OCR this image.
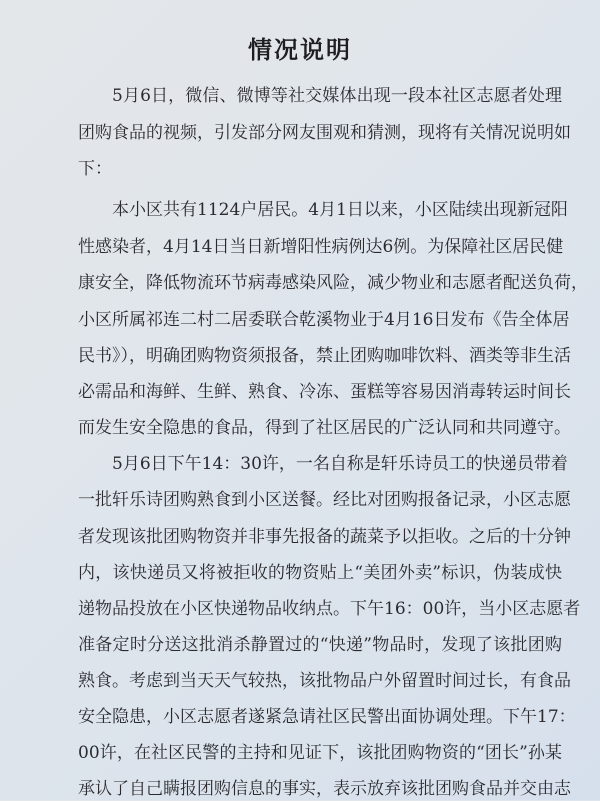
情况说明
5月6日，微信、微博等社交媒体出现一段本社区志愿者处理
团购食品的视频，引发部分网友围观和猜测，现将有关情况说明如
下：
本小区共有1124户居民。4月1日以来，小区陆续出现新冠阳
性感染者，4月14日当日新增阳性病例达6例。为保障社区居民健
康安全，降低物流环节病毒感染风险，减少物业和志愿者配送负荷，
小区所属祁连二村二居委联合乾溪物业于4月16日发布《告全体居
民书》），明确团购物资须报备，禁止团购咖啡饮料、酒类等非生活
必需品和海鲜、生鲜、熟食、冷冻、蛋糕等容易因消毒转运时间长
而发生安全隐患的食品，得到了社区居民的广泛认同和共同遵守。
5月6日下午14：30许，一名自称是轩乐诗员工的快递员带着
一批轩乐诗团购熟食到小区送餐。经比对团购报备记录，小区志愿
者发现该批团购物资并非事先报备的蔬菜予以拒收。之后的十分钟
内，该快递员又将被拒收的物资贴上“美团外卖”标识，伪装成快
递物品投放在小区快递物品收纳点。下午16：00许，当小区志愿者
准备定时分送这批消杀静置过的“快递”物品时，发现了该批团购
熟食。考虑到当天天气较热，该批物品户外留置时间过长，有食品
安全隐患，小区志愿者遂紧急请社区民警出面协调处理。下午17：
00许，在社区民警的主持和见证下，该批团购物资的“团长”孙某
承认了自己瞒报团购信息的事实，表示放弃该批团购食品并交由志
